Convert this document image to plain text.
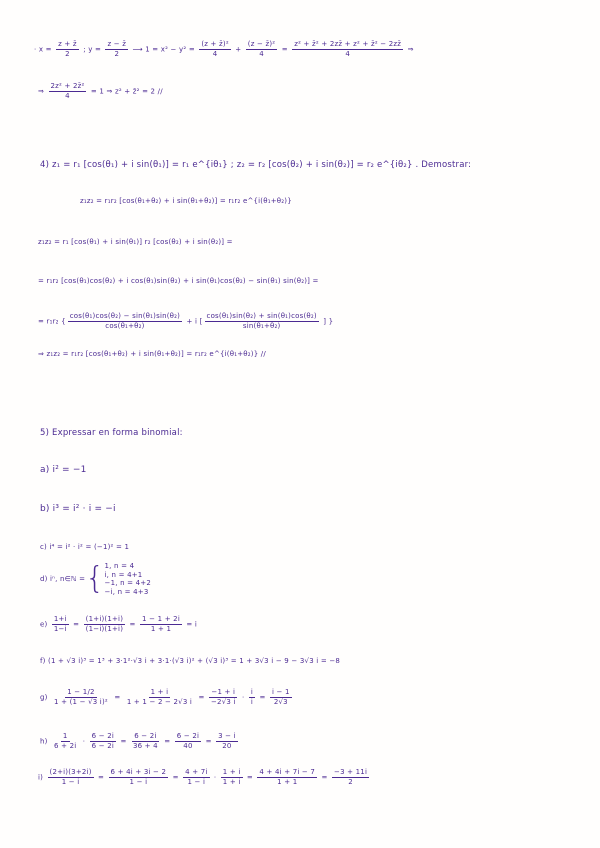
· $x = \frac{z + z̄}{2}$ ; $y = \frac{z - z̄}{2}$ ⟶ $1 = x^2 - y^2 = \frac{\text{(z + z̄)²}}{4} + \frac{\text{(z − z̄)²}}{4} = \frac{\text{z² + z̄² + 2zz̄ + z² + z̄² − 2zz̄}}{4}$ ⇒
⇒ $\frac{\text{2z² + 2z̄²}}{4} = 1$ ⇒ z² + z̄² = 2 //
4) z₁ = r₁ [cos(θ₁) + i sin(θ₁)] = r₁ e^{iθ₁} ; z₂ = r₂ [cos(θ₂) + i sin(θ₂)] = r₂ e^{iθ₂} . Demostrar:
z₁z₂ = r₁r₂ [cos(θ₁+θ₂) + i sin(θ₁+θ₂)] = r₁r₂ e^{i(θ₁+θ₂)}
z₁z₂ = r₁ [cos(θ₁) + i sin(θ₁)] r₂ [cos(θ₂) + i sin(θ₂)] =
= r₁r₂ [cos(θ₁)cos(θ₂) + i cos(θ₁)sin(θ₂) + i sin(θ₁)cos(θ₂) − sin(θ₁) sin(θ₂)] =
= r₁r₂ { $\frac{\text{cos(θ₁)cos(θ₂) − sin(θ₁)sin(θ₂)}}{\text{cos(θ₁+θ₂)}} + i$ [ $\frac{\text{cos(θ₁)sin(θ₂) + sin(θ₁)cos(θ₂)}}{\text{sin(θ₁+θ₂)}}$ ] }
⇒ z₁z₂ = r₁r₂ [cos(θ₁+θ₂) + i sin(θ₁+θ₂)] = r₁r₂ e^{i(θ₁+θ₂)} //
5) Expressar en forma binomial:
a) i² = −1
b) i³ = i² · i = −i
c) i⁴ = i² · i² = (−1)² = 1
d) iⁿ, n∈ℕ ={ 1, n = 4
i, n = 4+1
−1, n = 4+2
−i, n = 4+3
$e) \frac{1+i}{1-i} = \frac{(1+i)(1+i)}{(1-i)(1+i)} = \frac{1 - 1 + 2i}{1 + 1} = i$
f) (1 + √3 i)³ = 1³ + 3·1²·√3 i + 3·1·(√3 i)² + (√3 i)³ = 1 + 3√3 i − 9 − 3√3 i = −8
$g) \frac{1 - 1/2}{\text{1 + (1 − √3 i)²}} = \frac{1 + i}{1 + 1 - 2 - 2√3 i} = \frac{-1 + i}{-2√3 i} \cdot \frac{i}{i} = \frac{i - 1}{2√3}$
$h) \frac{1}{6 + 2i} \cdot \frac{6 - 2i}{6 - 2i} = \frac{6 - 2i}{36 + 4} = \frac{6 - 2i}{40} = \frac{3 - i}{20}$
$i) \frac{(2+i)(3+2i)}{1 - i} = \frac{6 + 4i + 3i - 2}{1 - i} = \frac{4 + 7i}{1 - i} \cdot \frac{1 + i}{1 + i} = \frac{4 + 4i + 7i - 7}{1 + 1} = \frac{-3 + 11i}{2}$
